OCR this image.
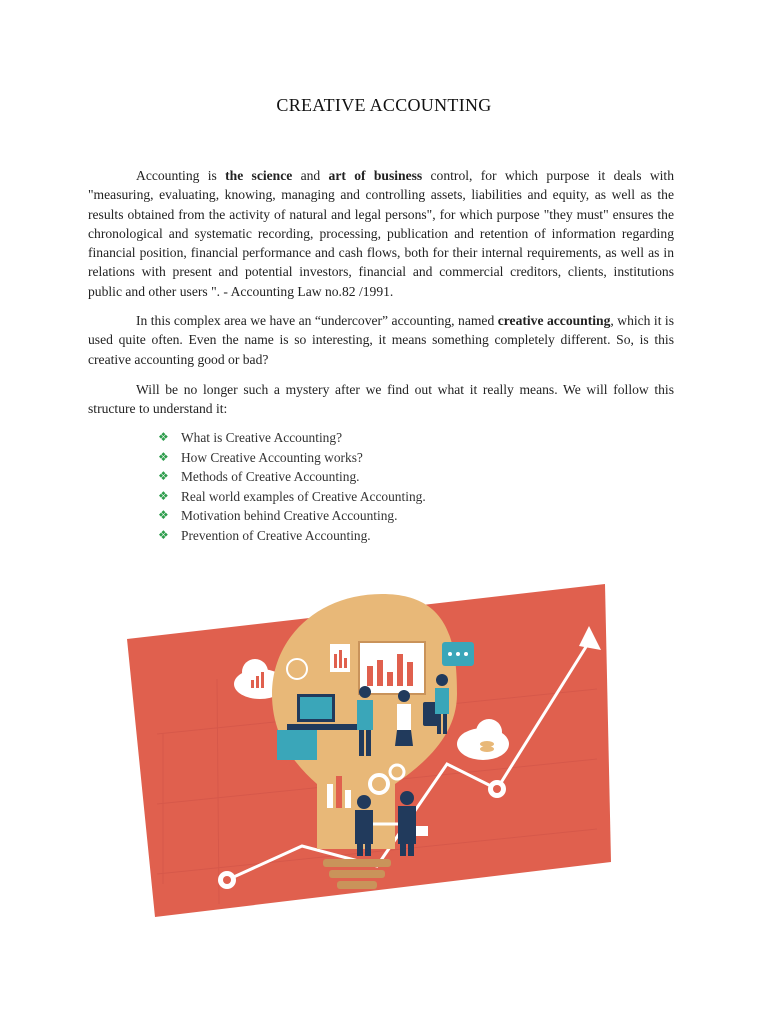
CREATIVE ACCOUNTING

Accounting is the science and art of business control, for which purpose it deals with "measuring, evaluating, knowing, managing and controlling assets, liabilities and equity, as well as the results obtained from the activity of natural and legal persons", for which purpose "they must" ensures the chronological and systematic recording, processing, publication and retention of information regarding financial position, financial performance and cash flows, both for their internal requirements, as well as in relations with present and potential investors, financial and commercial creditors, clients, institutions public and other users ". - Accounting Law no.82 /1991.

In this complex area we have an “undercover” accounting, named creative accounting, which it is used quite often. Even the name is so interesting, it means something completely different. So, is this creative accounting good or bad?

Will be no longer such a mystery after we find out what it really means. We will follow this structure to understand it:

❖ What is Creative Accounting?
❖ How Creative Accounting works?
❖ Methods of Creative Accounting.
❖ Real world examples of Creative Accounting.
❖ Motivation behind Creative Accounting.
❖ Prevention of Creative Accounting.
